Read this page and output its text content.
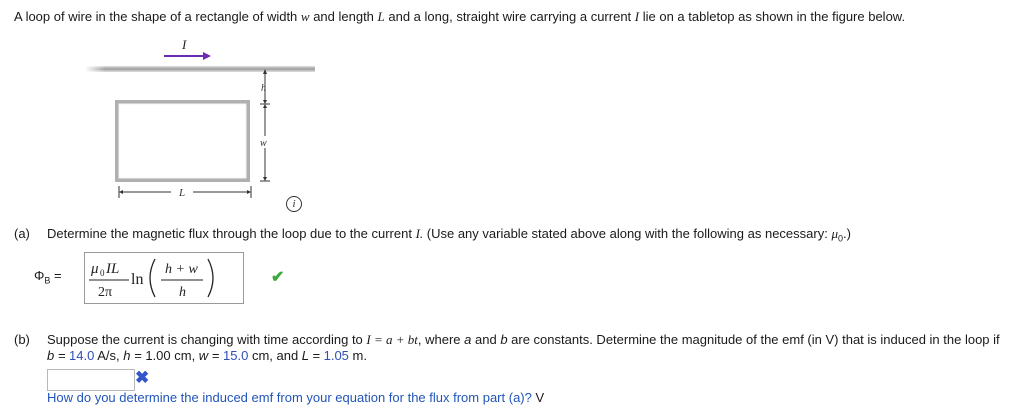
A loop of wire in the shape of a rectangle of width w and length L and a long, straight wire carrying a current I lie on a tabletop as shown in the figure below.
I
h
w
L
i
(a) Determine the magnetic flux through the loop due to the current I. (Use any variable stated above along with the following as necessary: $\mu_0$.)
$\Phi_B = \mu$ 0 IL
2π
ln
h + w
h
✔
(b) Suppose the current is changing with time according to I = a + bt, where a and b are constants. Determine the magnitude of the emf (in V) that is induced in the loop if
b = 14.0 A/s, h = 1.00 cm, w = 15.0 cm, and L = 1.05 m.
✖
How do you determine the induced emf from your equation for the flux from part (a)? V
